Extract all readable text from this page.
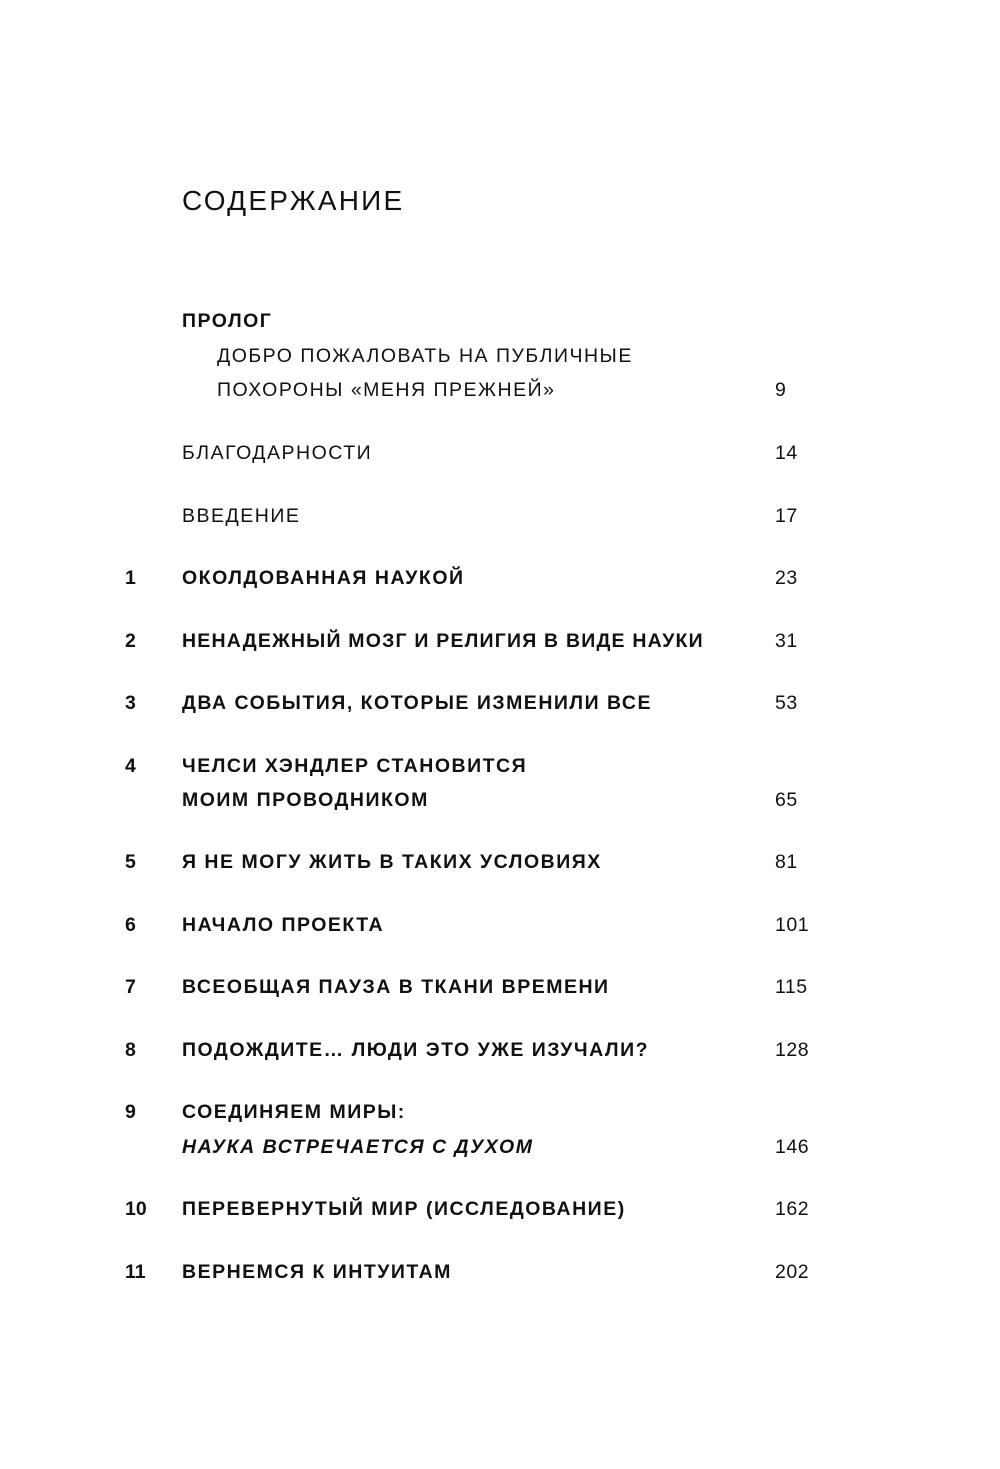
СОДЕРЖАНИЕ
ПРОЛОГ
ДОБРО ПОЖАЛОВАТЬ НА ПУБЛИЧНЫЕ
ПОХОРОНЫ «МЕНЯ ПРЕЖНЕЙ»	9
БЛАГОДАРНОСТИ	14
ВВЕДЕНИЕ	17
1 ОКОЛДОВАННАЯ НАУКОЙ	23
2 НЕНАДЕЖНЫЙ МОЗГ И РЕЛИГИЯ В ВИДЕ НАУКИ	31
3 ДВА СОБЫТИЯ, КОТОРЫЕ ИЗМЕНИЛИ ВСЕ	53
4 ЧЕЛСИ ХЭНДЛЕР СТАНОВИТСЯ
МОИМ ПРОВОДНИКОМ	65
5 Я НЕ МОГУ ЖИТЬ В ТАКИХ УСЛОВИЯХ	81
6 НАЧАЛО ПРОЕКТА	101
7 ВСЕОБЩАЯ ПАУЗА В ТКАНИ ВРЕМЕНИ	115
8 ПОДОЖДИТЕ… ЛЮДИ ЭТО УЖЕ ИЗУЧАЛИ?	128
9 СОЕДИНЯЕМ МИРЫ:
НАУКА ВСТРЕЧАЕТСЯ С ДУХОМ	146
10 ПЕРЕВЕРНУТЫЙ МИР (ИССЛЕДОВАНИЕ)	162
11 ВЕРНЕМСЯ К ИНТУИТАМ	202
